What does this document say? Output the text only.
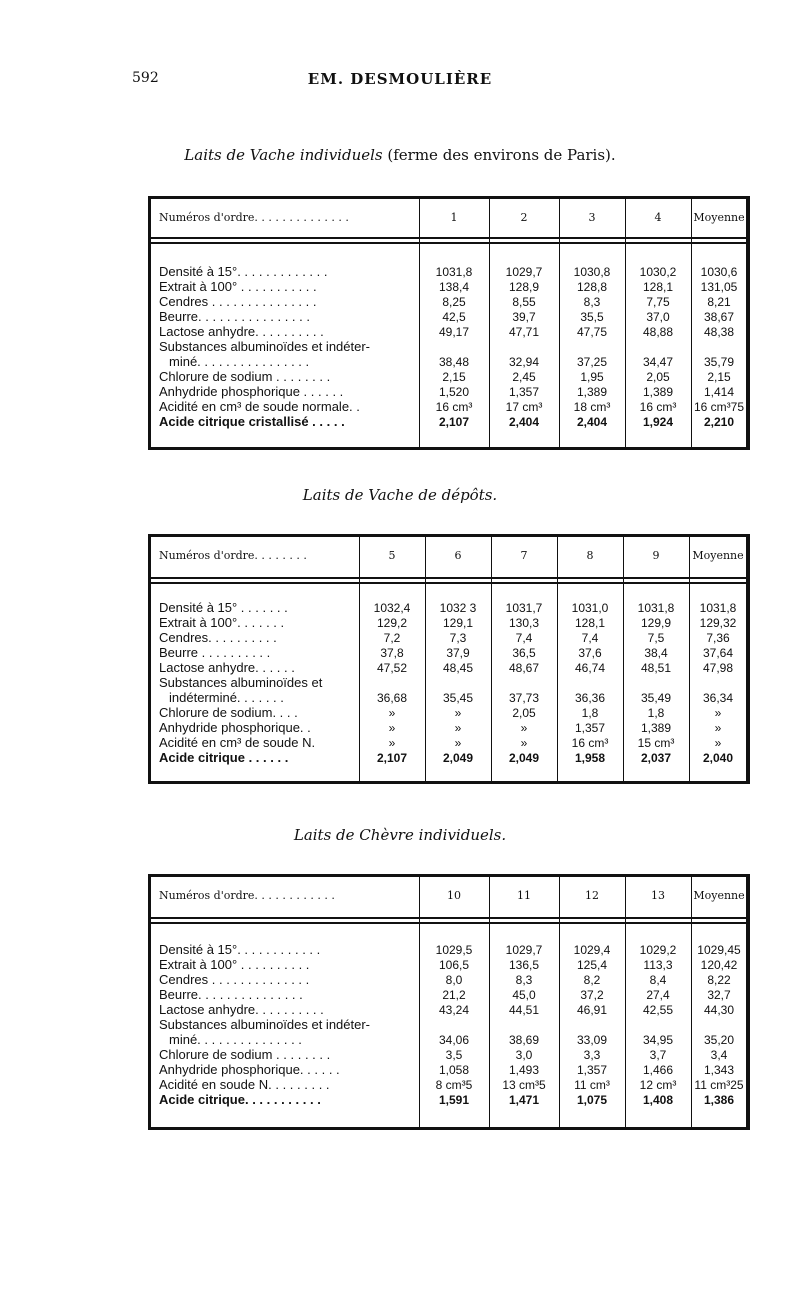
592	EM. DESMOULIÈRE
Laits de Vache individuels (ferme des environs de Paris).
Numéros d'ordre. . . . . . . . . . . . . .	1	2	3	4	Moyenne
Densité à 15°. . . . . . . . . . . . .	1031,8	1029,7	1030,8	1030,2	1030,6
Extrait à 100° . . . . . . . . . . .	138,4	128,9	128,8	128,1	131,05
Cendres . . . . . . . . . . . . . . .	8,25	8,55	8,3	7,75	8,21
Beurre. . . . . . . . . . . . . . . .	42,5	39,7	35,5	37,0	38,67
Lactose anhydre. . . . . . . . . .	49,17	47,71	47,75	48,88	48,38
Substances albuminoïdes et indéter-
miné. . . . . . . . . . . . . . . .	38,48	32,94	37,25	34,47	35,79
Chlorure de sodium . . . . . . . .	2,15	2,45	1,95	2,05	2,15
Anhydride phosphorique . . . . . .	1,520	1,357	1,389	1,389	1,414
Acidité en cm³ de soude normale. .	16 cm³	17 cm³	18 cm³	16 cm³	16 cm³75
Acide citrique cristallisé . . . . .	2,107	2,404	2,404	1,924	2,210
Laits de Vache de dépôts.
Numéros d'ordre. . . . . . . .	5	6	7	8	9	Moyenne
Densité à 15° . . . . . . .	1032,4	1032 3	1031,7	1031,0	1031,8	1031,8
Extrait à 100°. . . . . . .	129,2	129,1	130,3	128,1	129,9	129,32
Cendres. . . . . . . . . .	7,2	7,3	7,4	7,4	7,5	7,36
Beurre . . . . . . . . . .	37,8	37,9	36,5	37,6	38,4	37,64
Lactose anhydre. . . . . .	47,52	48,45	48,67	46,74	48,51	47,98
Substances albuminoïdes et
indéterminé. . . . . . .	36,68	35,45	37,73	36,36	35,49	36,34
Chlorure de sodium. . . .	»	»	2,05	1,8	1,8	»
Anhydride phosphorique. .	»	»	»	1,357	1,389	»
Acidité en cm³ de soude N.	»	»	»	16 cm³	15 cm³	»
Acide citrique . . . . . .	2,107	2,049	2,049	1,958	2,037	2,040
Laits de Chèvre individuels.
Numéros d'ordre. . . . . . . . . . . .	10	11	12	13	Moyenne
Densité à 15°. . . . . . . . . . . .	1029,5	1029,7	1029,4	1029,2	1029,45
Extrait à 100° . . . . . . . . . .	106,5	136,5	125,4	113,3	120,42
Cendres . . . . . . . . . . . . . .	8,0	8,3	8,2	8,4	8,22
Beurre. . . . . . . . . . . . . . .	21,2	45,0	37,2	27,4	32,7
Lactose anhydre. . . . . . . . . .	43,24	44,51	46,91	42,55	44,30
Substances albuminoïdes et indéter-
miné. . . . . . . . . . . . . . .	34,06	38,69	33,09	34,95	35,20
Chlorure de sodium . . . . . . . .	3,5	3,0	3,3	3,7	3,4
Anhydride phosphorique. . . . . .	1,058	1,493	1,357	1,466	1,343
Acidité en soude N. . . . . . . . .	8 cm³5	13 cm³5	11 cm³	12 cm³	11 cm³25
Acide citrique. . . . . . . . . . .	1,591	1,471	1,075	1,408	1,386
